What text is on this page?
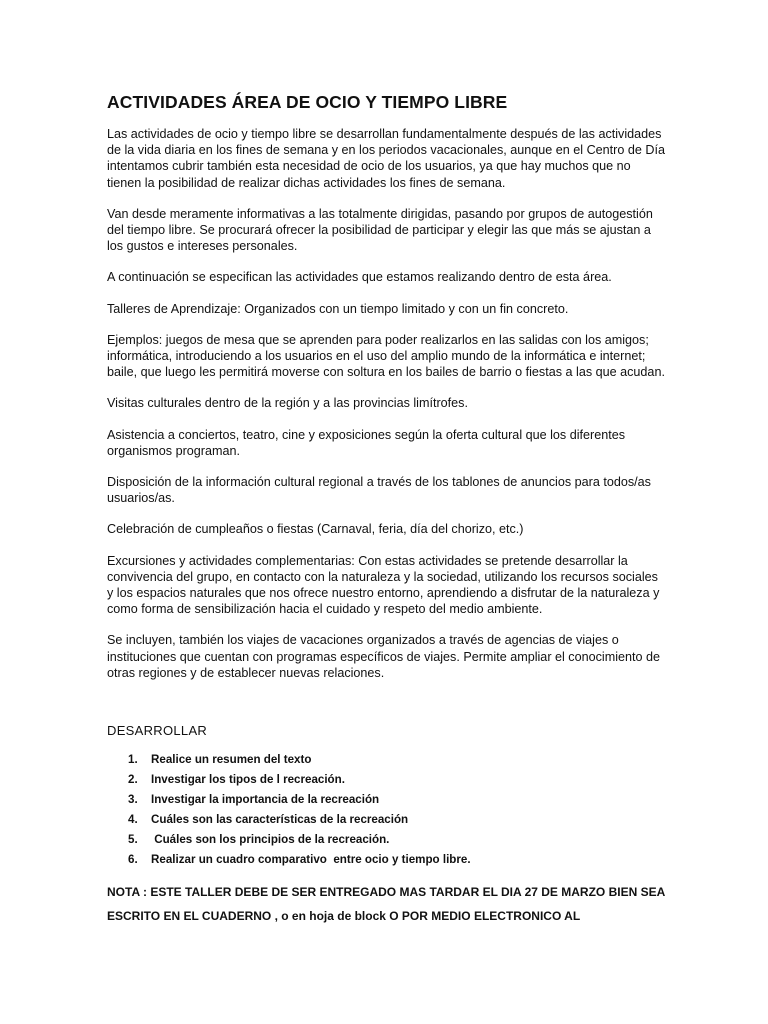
ACTIVIDADES ÁREA DE OCIO Y TIEMPO LIBRE

Las actividades de ocio y tiempo libre se desarrollan fundamentalmente después de las actividades de la vida diaria en los fines de semana y en los periodos vacacionales, aunque en el Centro de Día intentamos cubrir también esta necesidad de ocio de los usuarios, ya que hay muchos que no tienen la posibilidad de realizar dichas actividades los fines de semana.

Van desde meramente informativas a las totalmente dirigidas, pasando por grupos de autogestión del tiempo libre. Se procurará ofrecer la posibilidad de participar y elegir las que más se ajustan a los gustos e intereses personales.

A continuación se especifican las actividades que estamos realizando dentro de esta área.

Talleres de Aprendizaje: Organizados con un tiempo limitado y con un fin concreto.

Ejemplos: juegos de mesa que se aprenden para poder realizarlos en las salidas con los amigos; informática, introduciendo a los usuarios en el uso del amplio mundo de la informática e internet; baile, que luego les permitirá moverse con soltura en los bailes de barrio o fiestas a las que acudan.

Visitas culturales dentro de la región y a las provincias limítrofes.

Asistencia a conciertos, teatro, cine y exposiciones según la oferta cultural que los diferentes organismos programan.

Disposición de la información cultural regional a través de los tablones de anuncios para todos/as usuarios/as.

Celebración de cumpleaños o fiestas (Carnaval, feria, día del chorizo, etc.)

Excursiones y actividades complementarias: Con estas actividades se pretende desarrollar la convivencia del grupo, en contacto con la naturaleza y la sociedad, utilizando los recursos sociales y los espacios naturales que nos ofrece nuestro entorno, aprendiendo a disfrutar de la naturaleza y como forma de sensibilización hacia el cuidado y respeto del medio ambiente.

Se incluyen, también los viajes de vacaciones organizados a través de agencias de viajes o instituciones que cuentan con programas específicos de viajes. Permite ampliar el conocimiento de otras regiones y de establecer nuevas relaciones.

DESARROLLAR
1.	Realice un resumen del texto
2.	Investigar los tipos de l recreación.
3.	Investigar la importancia de la recreación
4.	Cuáles son las características de la recreación
5.	Cuáles son los principios de la recreación.
6.	Realizar un cuadro comparativo  entre ocio y tiempo libre.
NOTA : ESTE TALLER DEBE DE SER ENTREGADO MAS TARDAR EL DIA 27 DE MARZO BIEN SEA ESCRITO EN EL CUADERNO , o en hoja de block O POR MEDIO ELECTRONICO AL
